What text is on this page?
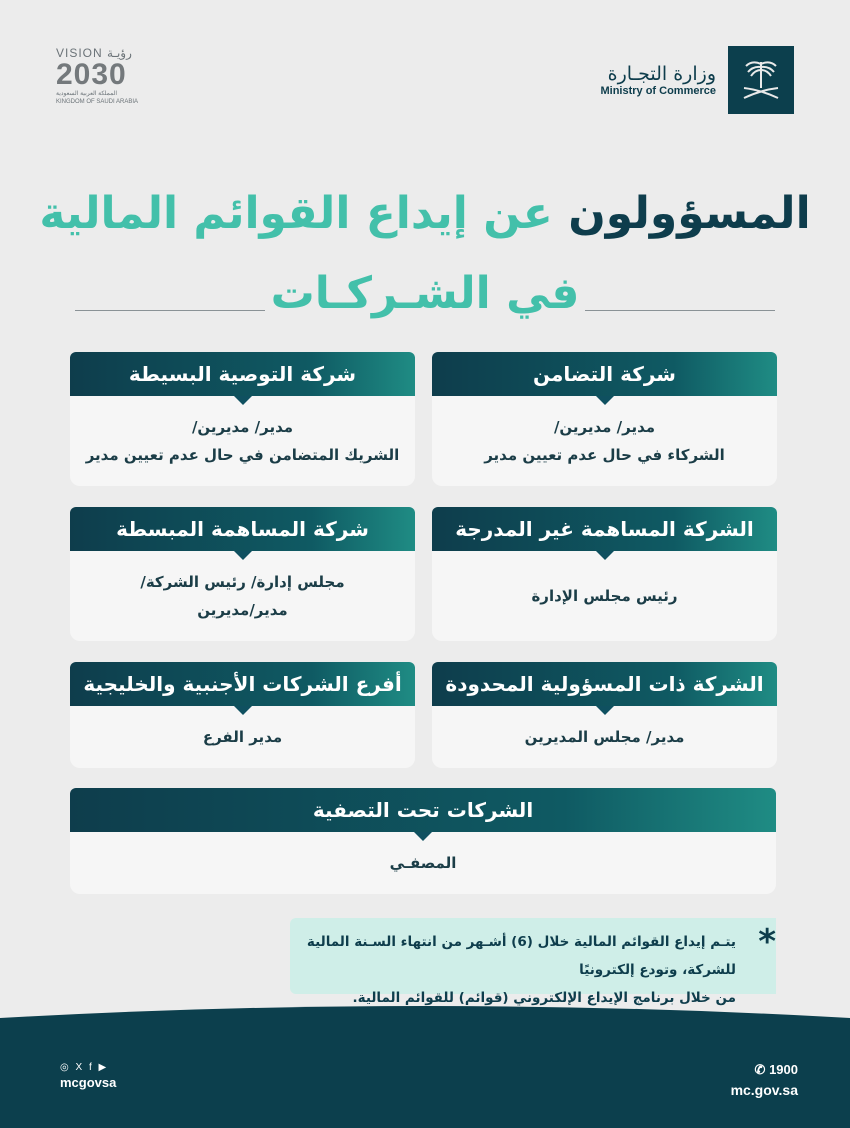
VISION رؤيـة
2030
المملكة العربية السعودية
KINGDOM OF SAUDI ARABIA
وزارة التجـارة
Ministry of Commerce
المسؤولون عن إيداع القوائم المالية
في الشـركـات
شركة التضامن
مدير/ مديرين/
الشركاء في حال عدم تعيين مدير
شركة التوصية البسيطة
مدير/ مديرين/
الشريك المتضامن في حال عدم تعيين مدير
الشركة المساهمة غير المدرجة
رئيس مجلس الإدارة
شركة المساهمة المبسطة
مجلس إدارة/ رئيس الشركة/
مدير/مديرين
الشركة ذات المسؤولية المحدودة
مدير/ مجلس المديرين
أفرع الشركات الأجنبية والخليجية
مدير الفرع
الشركات تحت التصفية
المصفـي
يتـم إيداع القوائم المالية خلال (6) أشـهر من انتهاء السـنة المالية للشركة، وتودع إلكترونيًا
من خلال برنامج الإيداع الإلكتروني (قوائم) للقوائم المالية.
*
◎ X f ▶
mcgovsa
✆ 1900
mc.gov.sa
